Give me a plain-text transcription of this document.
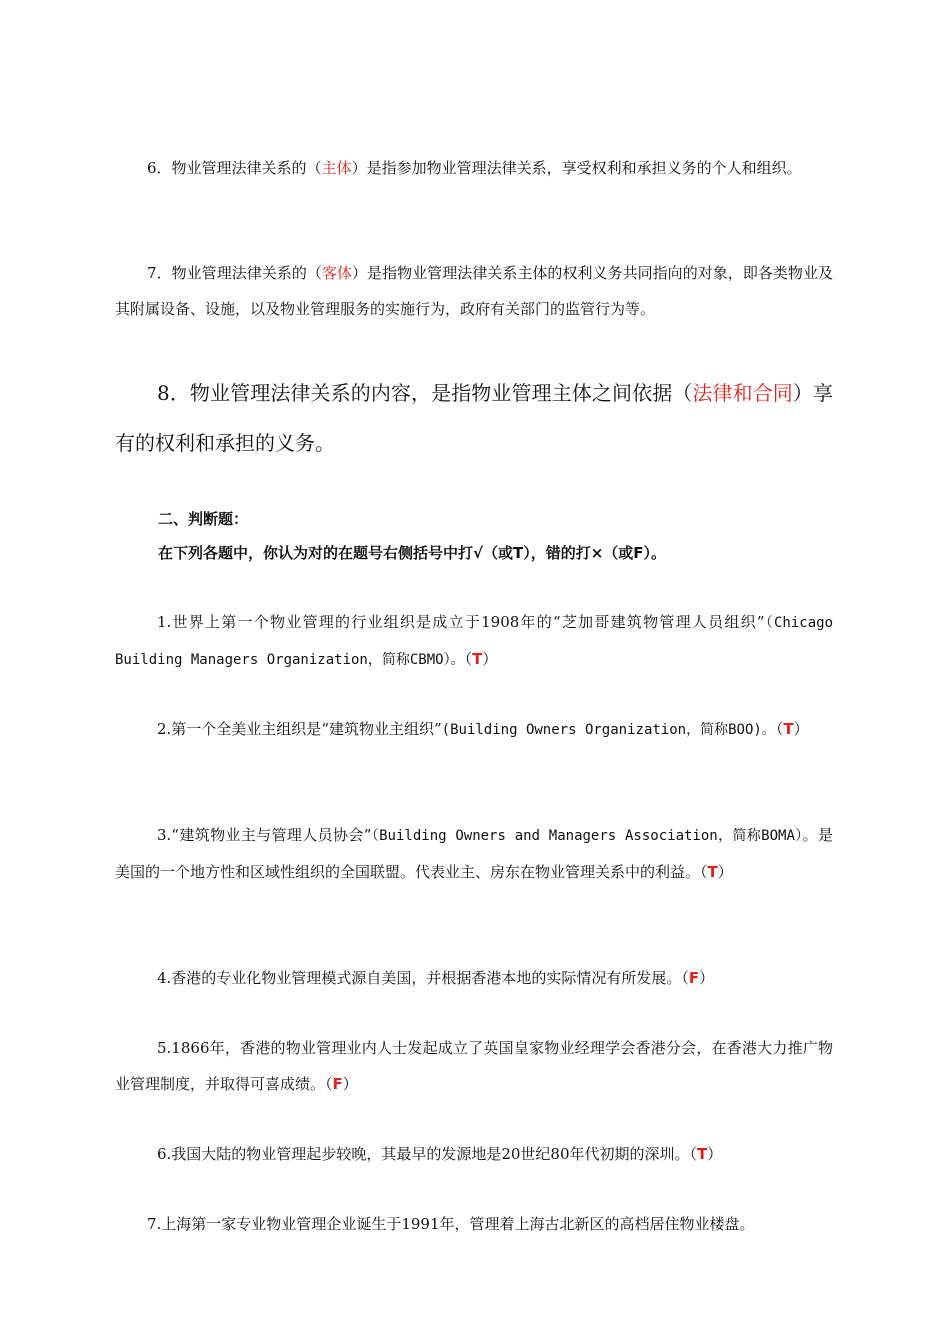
6．物业管理法律关系的（主体）是指参加物业管理法律关系，享受权利和承担义务的个人和组织。

7．物业管理法律关系的（客体）是指物业管理法律关系主体的权利义务共同指向的对象，即各类物业及其附属设备、设施，以及物业管理服务的实施行为，政府有关部门的监管行为等。

8．物业管理法律关系的内容，是指物业管理主体之间依据（法律和合同）享有的权利和承担的义务。

二、判断题：
在下列各题中，你认为对的在题号右侧括号中打√（或T），错的打×（或F）。

1.世界上第一个物业管理的行业组织是成立于1908年的“芝加哥建筑物管理人员组织”（Chicago Building Managers Organization，简称CBMO）。（T）

2.第一个全美业主组织是“建筑物业主组织”(Building Owners Organization，简称BOO)。（T）

3.“建筑物业主与管理人员协会”（Building Owners and Managers Association，简称BOMA）。是美国的一个地方性和区域性组织的全国联盟。代表业主、房东在物业管理关系中的利益。（T）

4.香港的专业化物业管理模式源自美国，并根据香港本地的实际情况有所发展。（F）

5.1866年，香港的物业管理业内人士发起成立了英国皇家物业经理学会香港分会，在香港大力推广物业管理制度，并取得可喜成绩。（F）

6.我国大陆的物业管理起步较晚，其最早的发源地是20世纪80年代初期的深圳。（T）

7.上海第一家专业物业管理企业诞生于1991年，管理着上海古北新区的高档居住物业楼盘。
